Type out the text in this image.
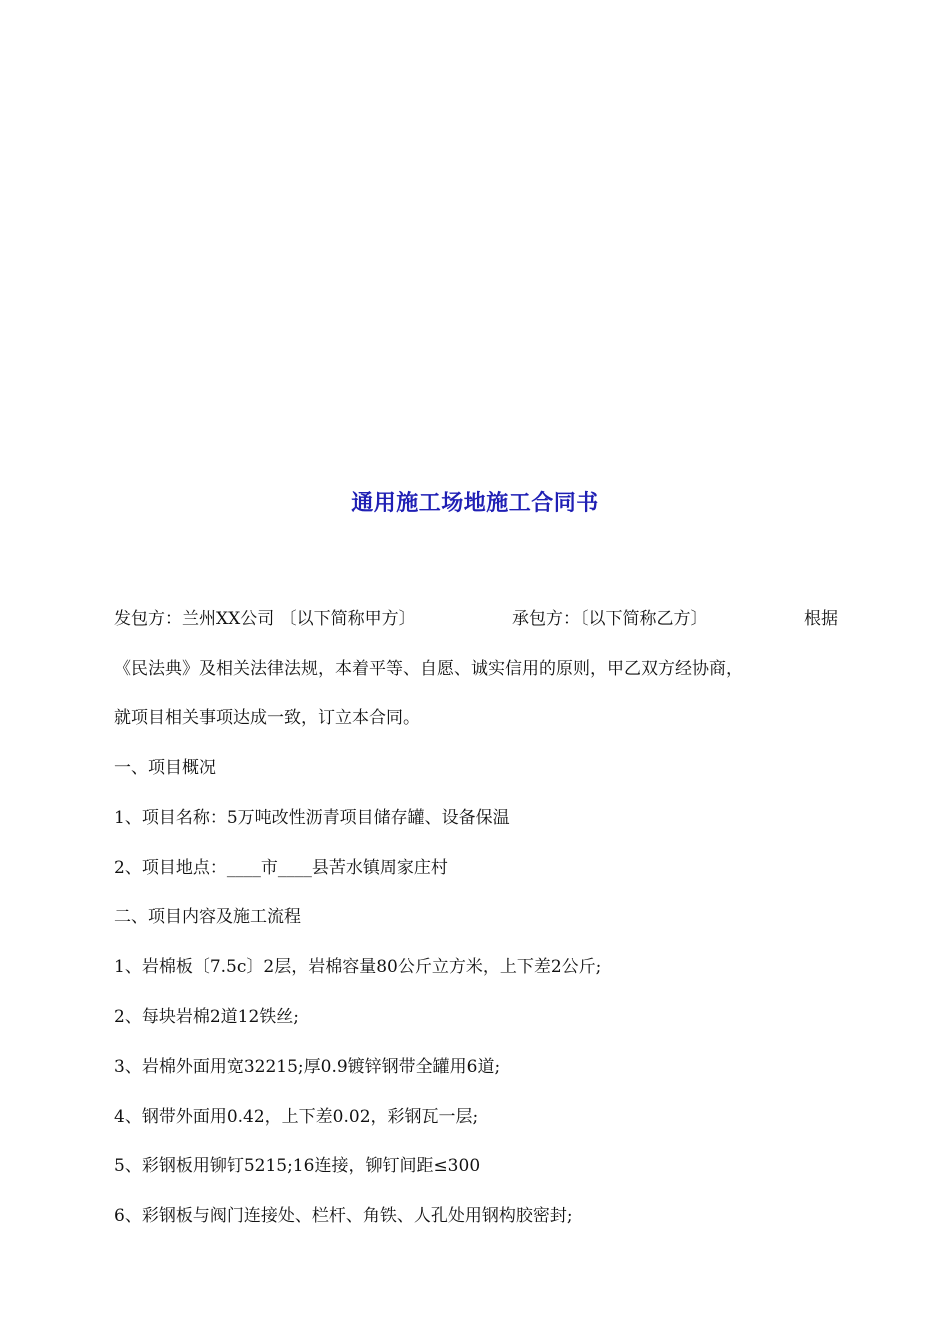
通用施工场地施工合同书
发包方：兰州XX公司 〔以下简称甲方〕	承包方：〔以下简称乙方〕	根据
《民法典》及相关法律法规，本着平等、自愿、诚实信用的原则，甲乙双方经协商，
就项目相关事项达成一致，订立本合同。
一、项目概况
1、项目名称：5万吨改性沥青项目储存罐、设备保温
2、项目地点：____市____县苦水镇周家庄村
二、项目内容及施工流程
1、岩棉板〔7.5c〕2层，岩棉容量80公斤立方米，上下差2公斤;
2、每块岩棉2道12铁丝;
3、岩棉外面用宽32215;厚0.9镀锌钢带全罐用6道;
4、钢带外面用0.42，上下差0.02，彩钢瓦一层;
5、彩钢板用铆钉5215;16连接，铆钉间距≤300
6、彩钢板与阀门连接处、栏杆、角铁、人孔处用钢构胶密封;
